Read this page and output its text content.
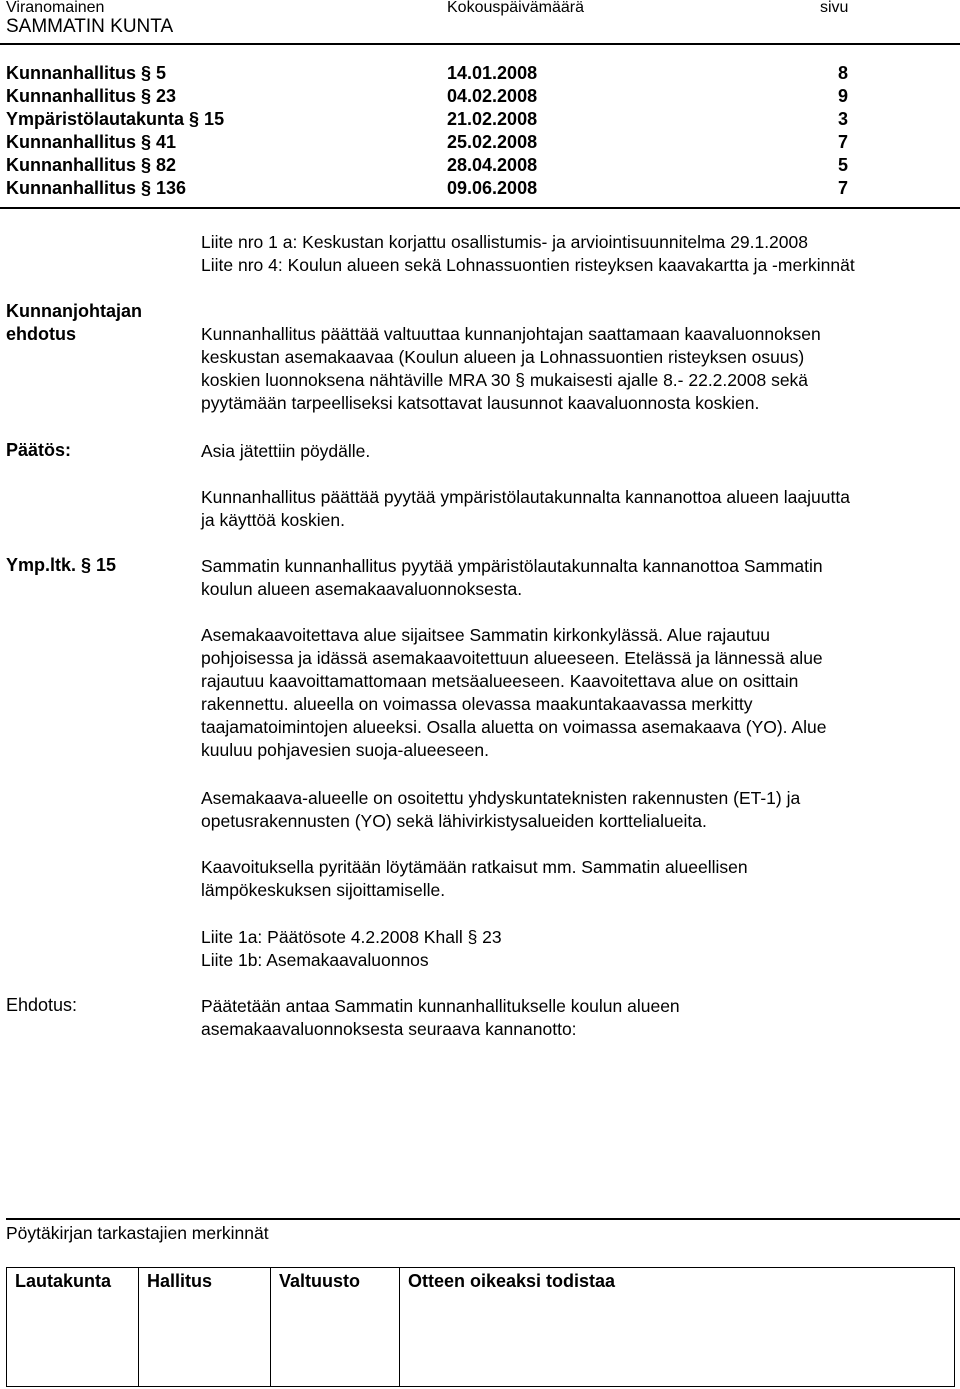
Viranomainen	Kokouspäivämäärä	sivu
SAMMATIN KUNTA
Kunnanhallitus § 5	14.01.2008	8
Kunnanhallitus § 23	04.02.2008	9
Ympäristölautakunta § 15	21.02.2008	3
Kunnanhallitus § 41	25.02.2008	7
Kunnanhallitus § 82	28.04.2008	5
Kunnanhallitus § 136	09.06.2008	7
Liite nro 1 a: Keskustan korjattu osallistumis- ja arviointisuunnitelma 29.1.2008
Liite nro 4: Koulun alueen sekä Lohnassuontien risteyksen kaavakartta ja -merkinnät
Kunnanjohtajan
ehdotus	Kunnanhallitus päättää valtuuttaa kunnanjohtajan saattamaan kaavaluonnoksen
keskustan asemakaavaa (Koulun alueen ja Lohnassuontien risteyksen osuus)
koskien luonnoksena nähtäville MRA 30 § mukaisesti ajalle 8.- 22.2.2008 sekä
pyytämään tarpeelliseksi katsottavat lausunnot kaavaluonnosta koskien.
Päätös:	Asia jätettiin pöydälle.
Kunnanhallitus päättää pyytää ympäristölautakunnalta kannanottoa alueen laajuutta
ja käyttöä koskien.
Ymp.ltk. § 15	Sammatin kunnanhallitus pyytää ympäristölautakunnalta kannanottoa Sammatin
koulun alueen asemakaavaluonnoksesta.
Asemakaavoitettava alue sijaitsee Sammatin kirkonkylässä. Alue rajautuu
pohjoisessa ja idässä asemakaavoitettuun alueeseen. Etelässä ja lännessä alue
rajautuu kaavoittamattomaan metsäalueeseen. Kaavoitettava alue on osittain
rakennettu. alueella on voimassa olevassa maakuntakaavassa merkitty
taajamatoimintojen alueeksi. Osalla aluetta on voimassa asemakaava (YO). Alue
kuuluu pohjavesien suoja-alueeseen.
Asemakaava-alueelle on osoitettu yhdyskuntateknisten rakennusten (ET-1) ja
opetusrakennusten (YO) sekä lähivirkistysalueiden korttelialueita.
Kaavoituksella pyritään löytämään ratkaisut mm. Sammatin alueellisen
lämpökeskuksen sijoittamiselle.
Liite 1a: Päätösote 4.2.2008 Khall § 23
Liite 1b: Asemakaavaluonnos
Ehdotus:	Päätetään antaa Sammatin kunnanhallitukselle koulun alueen
asemakaavaluonnoksesta seuraava kannanotto:
Pöytäkirjan tarkastajien merkinnät
Lautakunta	Hallitus	Valtuusto	Otteen oikeaksi todistaa
